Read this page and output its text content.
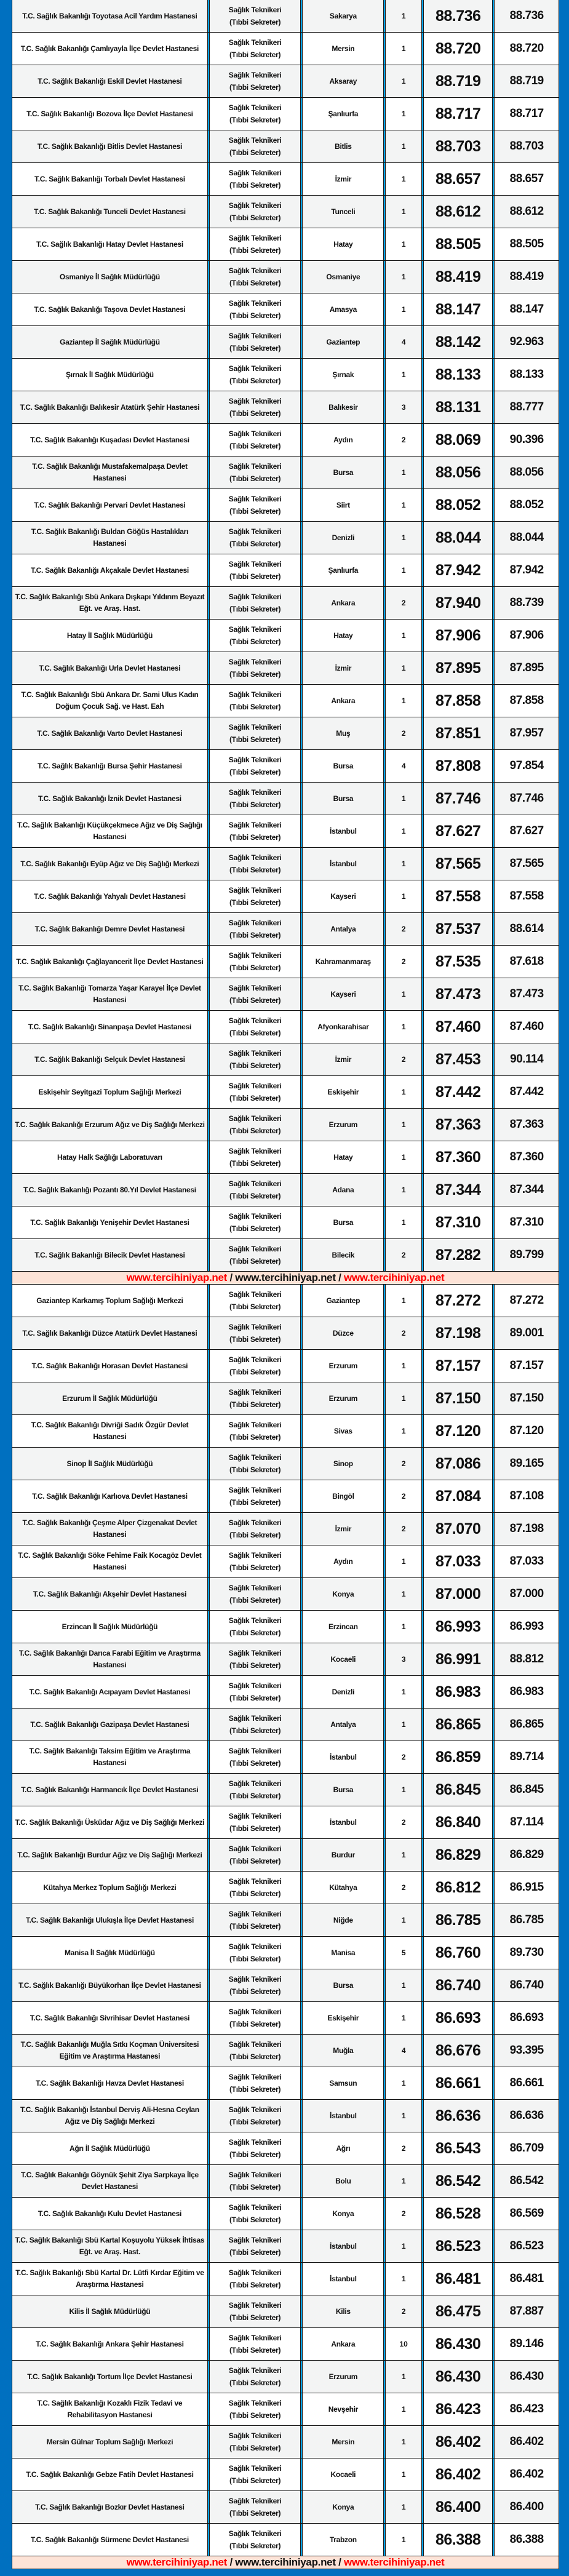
T.C. Sağlık Bakanlığı Toyotasa Acil Yardım Hastanesi
Sağlık Teknikeri
(Tıbbi Sekreter)
Sakarya	1 88.736 88.736
T.C. Sağlık Bakanlığı Çamlıyayla İlçe Devlet Hastanesi
Sağlık Teknikeri
(Tıbbi Sekreter)
Mersin	1 88.720 88.720
T.C. Sağlık Bakanlığı Eskil Devlet Hastanesi
Sağlık Teknikeri
(Tıbbi Sekreter)
Aksaray	1 88.719 88.719
T.C. Sağlık Bakanlığı Bozova İlçe Devlet Hastanesi
Sağlık Teknikeri
(Tıbbi Sekreter)
Şanlıurfa	1 88.717 88.717
T.C. Sağlık Bakanlığı Bitlis Devlet Hastanesi
Sağlık Teknikeri
(Tıbbi Sekreter)
Bitlis	1 88.703 88.703
T.C. Sağlık Bakanlığı Torbalı Devlet Hastanesi
Sağlık Teknikeri
(Tıbbi Sekreter)
İzmir	1 88.657 88.657
T.C. Sağlık Bakanlığı Tunceli Devlet Hastanesi
Sağlık Teknikeri
(Tıbbi Sekreter)
Tunceli	1 88.612 88.612
T.C. Sağlık Bakanlığı Hatay Devlet Hastanesi
Sağlık Teknikeri
(Tıbbi Sekreter)
Hatay	1 88.505 88.505
Osmaniye İl Sağlık Müdürlüğü
Sağlık Teknikeri
(Tıbbi Sekreter)
Osmaniye	1 88.419 88.419
T.C. Sağlık Bakanlığı Taşova Devlet Hastanesi
Sağlık Teknikeri
(Tıbbi Sekreter)
Amasya	1 88.147 88.147
Gaziantep İl Sağlık Müdürlüğü
Sağlık Teknikeri
(Tıbbi Sekreter)
Gaziantep	4 88.142 92.963
Şırnak İl Sağlık Müdürlüğü
Sağlık Teknikeri
(Tıbbi Sekreter)
Şırnak	1 88.133 88.133
T.C. Sağlık Bakanlığı Balıkesir Atatürk Şehir Hastanesi
Sağlık Teknikeri
(Tıbbi Sekreter)
Balıkesir	3 88.131 88.777
T.C. Sağlık Bakanlığı Kuşadası Devlet Hastanesi
Sağlık Teknikeri
(Tıbbi Sekreter)
Aydın	2 88.069 90.396
T.C. Sağlık Bakanlığı Mustafakemalpaşa Devlet Hastanesi
Sağlık Teknikeri
(Tıbbi Sekreter)
Bursa	1 88.056 88.056
T.C. Sağlık Bakanlığı Pervari Devlet Hastanesi
Sağlık Teknikeri
(Tıbbi Sekreter)
Siirt	1 88.052 88.052
T.C. Sağlık Bakanlığı Buldan Göğüs Hastalıkları Hastanesi
Sağlık Teknikeri
(Tıbbi Sekreter)
Denizli	1 88.044 88.044
T.C. Sağlık Bakanlığı Akçakale Devlet Hastanesi
Sağlık Teknikeri
(Tıbbi Sekreter)
Şanlıurfa	1 87.942 87.942
T.C. Sağlık Bakanlığı Sbü Ankara Dışkapı Yıldırım Beyazıt Eğt. ve Araş. Hast.
Sağlık Teknikeri
(Tıbbi Sekreter)
Ankara	2 87.940 88.739
Hatay İl Sağlık Müdürlüğü
Sağlık Teknikeri
(Tıbbi Sekreter)
Hatay	1 87.906 87.906
T.C. Sağlık Bakanlığı Urla Devlet Hastanesi
Sağlık Teknikeri
(Tıbbi Sekreter)
İzmir	1 87.895 87.895
T.C. Sağlık Bakanlığı Sbü Ankara Dr. Sami Ulus Kadın Doğum Çocuk Sağ. ve Hast. Eah
Sağlık Teknikeri
(Tıbbi Sekreter)
Ankara	1 87.858 87.858
T.C. Sağlık Bakanlığı Varto Devlet Hastanesi
Sağlık Teknikeri
(Tıbbi Sekreter)
Muş	2 87.851 87.957
T.C. Sağlık Bakanlığı Bursa Şehir Hastanesi
Sağlık Teknikeri
(Tıbbi Sekreter)
Bursa	4 87.808 97.854
T.C. Sağlık Bakanlığı İznik Devlet Hastanesi
Sağlık Teknikeri
(Tıbbi Sekreter)
Bursa	1 87.746 87.746
T.C. Sağlık Bakanlığı Küçükçekmece Ağız ve Diş Sağlığı Hastanesi
Sağlık Teknikeri
(Tıbbi Sekreter)
İstanbul	1 87.627 87.627
T.C. Sağlık Bakanlığı Eyüp Ağız ve Diş Sağlığı Merkezi
Sağlık Teknikeri
(Tıbbi Sekreter)
İstanbul	1 87.565 87.565
T.C. Sağlık Bakanlığı Yahyalı Devlet Hastanesi
Sağlık Teknikeri
(Tıbbi Sekreter)
Kayseri	1 87.558 87.558
T.C. Sağlık Bakanlığı Demre Devlet Hastanesi
Sağlık Teknikeri
(Tıbbi Sekreter)
Antalya	2 87.537 88.614
T.C. Sağlık Bakanlığı Çağlayancerit İlçe Devlet Hastanesi
Sağlık Teknikeri
(Tıbbi Sekreter)
Kahramanmaraş	2 87.535 87.618
T.C. Sağlık Bakanlığı Tomarza Yaşar Karayel İlçe Devlet Hastanesi
Sağlık Teknikeri
(Tıbbi Sekreter)
Kayseri	1 87.473 87.473
T.C. Sağlık Bakanlığı Sinanpaşa Devlet Hastanesi
Sağlık Teknikeri
(Tıbbi Sekreter)
Afyonkarahisar	1 87.460 87.460
T.C. Sağlık Bakanlığı Selçuk Devlet Hastanesi
Sağlık Teknikeri
(Tıbbi Sekreter)
İzmir	2 87.453	90.114
Eskişehir Seyitgazi Toplum Sağlığı Merkezi
Sağlık Teknikeri
(Tıbbi Sekreter)
Eskişehir	1 87.442 87.442
T.C. Sağlık Bakanlığı Erzurum Ağız ve Diş Sağlığı Merkezi
Sağlık Teknikeri
(Tıbbi Sekreter)
Erzurum	1 87.363 87.363
Hatay Halk Sağlığı Laboratuvarı
Sağlık Teknikeri
(Tıbbi Sekreter)
Hatay	1 87.360 87.360
T.C. Sağlık Bakanlığı Pozantı 80.Yıl Devlet Hastanesi
Sağlık Teknikeri
(Tıbbi Sekreter)
Adana	1 87.344 87.344
T.C. Sağlık Bakanlığı Yenişehir Devlet Hastanesi
Sağlık Teknikeri
(Tıbbi Sekreter)
Bursa	1 87.310 87.310
T.C. Sağlık Bakanlığı Bilecik Devlet Hastanesi
Sağlık Teknikeri
(Tıbbi Sekreter)
Bilecik	2 87.282 89.799
www.tercihiniyap.net / www.tercihiniyap.net / www.tercihiniyap.net
Gaziantep Karkamış Toplum Sağlığı Merkezi
Sağlık Teknikeri
(Tıbbi Sekreter)
Gaziantep	1 87.272 87.272
T.C. Sağlık Bakanlığı Düzce Atatürk Devlet Hastanesi
Sağlık Teknikeri
(Tıbbi Sekreter)
Düzce	2 87.198 89.001
T.C. Sağlık Bakanlığı Horasan Devlet Hastanesi
Sağlık Teknikeri
(Tıbbi Sekreter)
Erzurum	1 87.157 87.157
Erzurum İl Sağlık Müdürlüğü
Sağlık Teknikeri
(Tıbbi Sekreter)
Erzurum	1 87.150 87.150
T.C. Sağlık Bakanlığı Divriği Sadık Özgür Devlet Hastanesi
Sağlık Teknikeri
(Tıbbi Sekreter)
Sivas	1 87.120 87.120
Sinop İl Sağlık Müdürlüğü
Sağlık Teknikeri
(Tıbbi Sekreter)
Sinop	2 87.086 89.165
T.C. Sağlık Bakanlığı Karlıova Devlet Hastanesi
Sağlık Teknikeri
(Tıbbi Sekreter)
Bingöl	2 87.084 87.108
T.C. Sağlık Bakanlığı Çeşme Alper Çizgenakat Devlet Hastanesi
Sağlık Teknikeri
(Tıbbi Sekreter)
İzmir	2 87.070 87.198
T.C. Sağlık Bakanlığı Söke Fehime Faik Kocagöz Devlet Hastanesi
Sağlık Teknikeri
(Tıbbi Sekreter)
Aydın	1 87.033 87.033
T.C. Sağlık Bakanlığı Akşehir Devlet Hastanesi
Sağlık Teknikeri
(Tıbbi Sekreter)
Konya	1 87.000 87.000
Erzincan İl Sağlık Müdürlüğü
Sağlık Teknikeri
(Tıbbi Sekreter)
Erzincan	1 86.993 86.993
T.C. Sağlık Bakanlığı Darıca Farabi Eğitim ve Araştırma Hastanesi
Sağlık Teknikeri
(Tıbbi Sekreter)
Kocaeli	3 86.991 88.812
T.C. Sağlık Bakanlığı Acıpayam Devlet Hastanesi
Sağlık Teknikeri
(Tıbbi Sekreter)
Denizli	1 86.983 86.983
T.C. Sağlık Bakanlığı Gazipaşa Devlet Hastanesi
Sağlık Teknikeri
(Tıbbi Sekreter)
Antalya	1 86.865 86.865
T.C. Sağlık Bakanlığı Taksim Eğitim ve Araştırma Hastanesi
Sağlık Teknikeri
(Tıbbi Sekreter)
İstanbul	2 86.859 89.714
T.C. Sağlık Bakanlığı Harmancık İlçe Devlet Hastanesi
Sağlık Teknikeri
(Tıbbi Sekreter)
Bursa	1 86.845 86.845
T.C. Sağlık Bakanlığı Üsküdar Ağız ve Diş Sağlığı Merkezi
Sağlık Teknikeri
(Tıbbi Sekreter)
İstanbul	2 86.840	87.114
T.C. Sağlık Bakanlığı Burdur Ağız ve Diş Sağlığı Merkezi
Sağlık Teknikeri
(Tıbbi Sekreter)
Burdur	1 86.829 86.829
Kütahya Merkez Toplum Sağlığı Merkezi
Sağlık Teknikeri
(Tıbbi Sekreter)
Kütahya	2 86.812 86.915
T.C. Sağlık Bakanlığı Ulukışla İlçe Devlet Hastanesi
Sağlık Teknikeri
(Tıbbi Sekreter)
Niğde	1 86.785 86.785
Manisa İl Sağlık Müdürlüğü
Sağlık Teknikeri
(Tıbbi Sekreter)
Manisa	5 86.760 89.730
T.C. Sağlık Bakanlığı Büyükorhan İlçe Devlet Hastanesi
Sağlık Teknikeri
(Tıbbi Sekreter)
Bursa	1 86.740 86.740
T.C. Sağlık Bakanlığı Sivrihisar Devlet Hastanesi
Sağlık Teknikeri
(Tıbbi Sekreter)
Eskişehir	1 86.693 86.693
T.C. Sağlık Bakanlığı Muğla Sıtkı Koçman Üniversitesi Eğitim ve Araştırma Hastanesi
Sağlık Teknikeri
(Tıbbi Sekreter)
Muğla	4 86.676 93.395
T.C. Sağlık Bakanlığı Havza Devlet Hastanesi
Sağlık Teknikeri
(Tıbbi Sekreter)
Samsun	1 86.661 86.661
T.C. Sağlık Bakanlığı İstanbul Derviş Ali-Hesna Ceylan Ağız ve Diş Sağlığı Merkezi
Sağlık Teknikeri
(Tıbbi Sekreter)
İstanbul	1 86.636 86.636
Ağrı İl Sağlık Müdürlüğü
Sağlık Teknikeri
(Tıbbi Sekreter)
Ağrı	2 86.543 86.709
T.C. Sağlık Bakanlığı Göynük Şehit Ziya Sarpkaya İlçe Devlet Hastanesi
Sağlık Teknikeri
(Tıbbi Sekreter)
Bolu	1 86.542 86.542
T.C. Sağlık Bakanlığı Kulu Devlet Hastanesi
Sağlık Teknikeri
(Tıbbi Sekreter)
Konya	2 86.528 86.569
T.C. Sağlık Bakanlığı Sbü Kartal Koşuyolu Yüksek İhtisas Eğt. ve Araş. Hast.
Sağlık Teknikeri
(Tıbbi Sekreter)
İstanbul	1 86.523 86.523
T.C. Sağlık Bakanlığı Sbü Kartal Dr. Lütfi Kırdar Eğitim ve Araştırma Hastanesi
Sağlık Teknikeri
(Tıbbi Sekreter)
İstanbul	1 86.481 86.481
Kilis İl Sağlık Müdürlüğü
Sağlık Teknikeri
(Tıbbi Sekreter)
Kilis	2 86.475 87.887
T.C. Sağlık Bakanlığı Ankara Şehir Hastanesi
Sağlık Teknikeri
(Tıbbi Sekreter)
Ankara	10 86.430 89.146
T.C. Sağlık Bakanlığı Tortum İlçe Devlet Hastanesi
Sağlık Teknikeri
(Tıbbi Sekreter)
Erzurum	1 86.430 86.430
T.C. Sağlık Bakanlığı Kozaklı Fizik Tedavi ve Rehabilitasyon Hastanesi
Sağlık Teknikeri
(Tıbbi Sekreter)
Nevşehir	1 86.423 86.423
Mersin Gülnar Toplum Sağlığı Merkezi
Sağlık Teknikeri
(Tıbbi Sekreter)
Mersin	1 86.402 86.402
T.C. Sağlık Bakanlığı Gebze Fatih Devlet Hastanesi
Sağlık Teknikeri
(Tıbbi Sekreter)
Kocaeli	1 86.402 86.402
T.C. Sağlık Bakanlığı Bozkır Devlet Hastanesi
Sağlık Teknikeri
(Tıbbi Sekreter)
Konya	1 86.400 86.400
T.C. Sağlık Bakanlığı Sürmene Devlet Hastanesi
Sağlık Teknikeri
(Tıbbi Sekreter)
Trabzon	1 86.388 86.388
www.tercihiniyap.net / www.tercihiniyap.net / www.tercihiniyap.net
